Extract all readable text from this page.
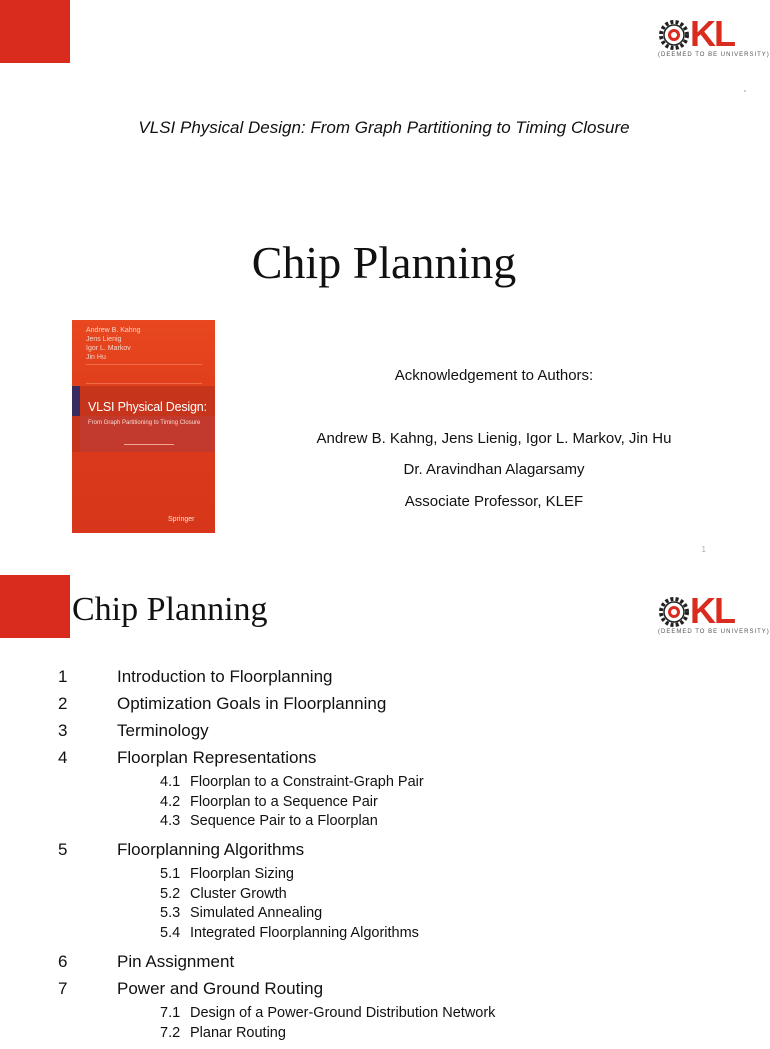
KL
(DEEMED TO BE UNIVERSITY)
VLSI Physical Design: From Graph Partitioning to Timing Closure
Chip Planning
Andrew B. Kahng
Jens Lienig
Igor L. Markov
Jin Hu
VLSI Physical Design:
From Graph Partitioning to Timing Closure
Springer
Acknowledgement to Authors:
Andrew B. Kahng, Jens Lienig, Igor L. Markov, Jin Hu
Dr. Aravindhan Alagarsamy
Associate Professor, KLEF
1
KL
(DEEMED TO BE UNIVERSITY)
Chip Planning
1	Introduction to Floorplanning
2	Optimization Goals in Floorplanning
3	Terminology
4	Floorplan Representations
4.1 Floorplan to a Constraint-Graph Pair
4.2 Floorplan to a Sequence Pair
4.3 Sequence Pair to a Floorplan
5	Floorplanning Algorithms
5.1 Floorplan Sizing
5.2 Cluster Growth
5.3 Simulated Annealing
5.4 Integrated Floorplanning Algorithms
6	Pin Assignment
7	Power and Ground Routing
7.1 Design of a Power-Ground Distribution Network
7.2 Planar Routing
